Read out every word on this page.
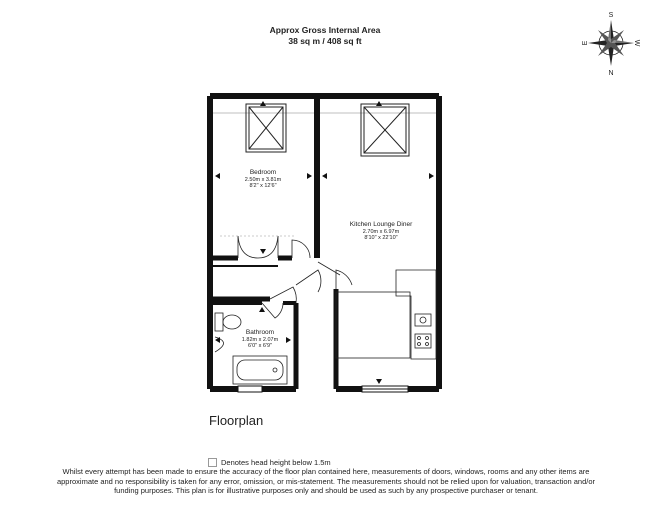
Approx Gross Internal Area
38 sq m / 408 sq ft
S
W
N
E
Bedroom
2.50m x 3.81m
8'2" x 12'6"
Kitchen Lounge Diner
2.70m x 6.97m
8'10" x 22'10"
Bathroom
1.82m x 2.07m
6'0" x 6'9"
Floorplan
Denotes head height below 1.5m
Whilst every attempt has been made to ensure the accuracy of the floor plan contained here, measurements of doors, windows, rooms and any other items are approximate and no responsibility is taken for any error, omission, or mis-statement. The measurements should not be relied upon for valuation, transaction and/or funding purposes. This plan is for illustrative purposes only and should be used as such by any prospective purchaser or tenant.
